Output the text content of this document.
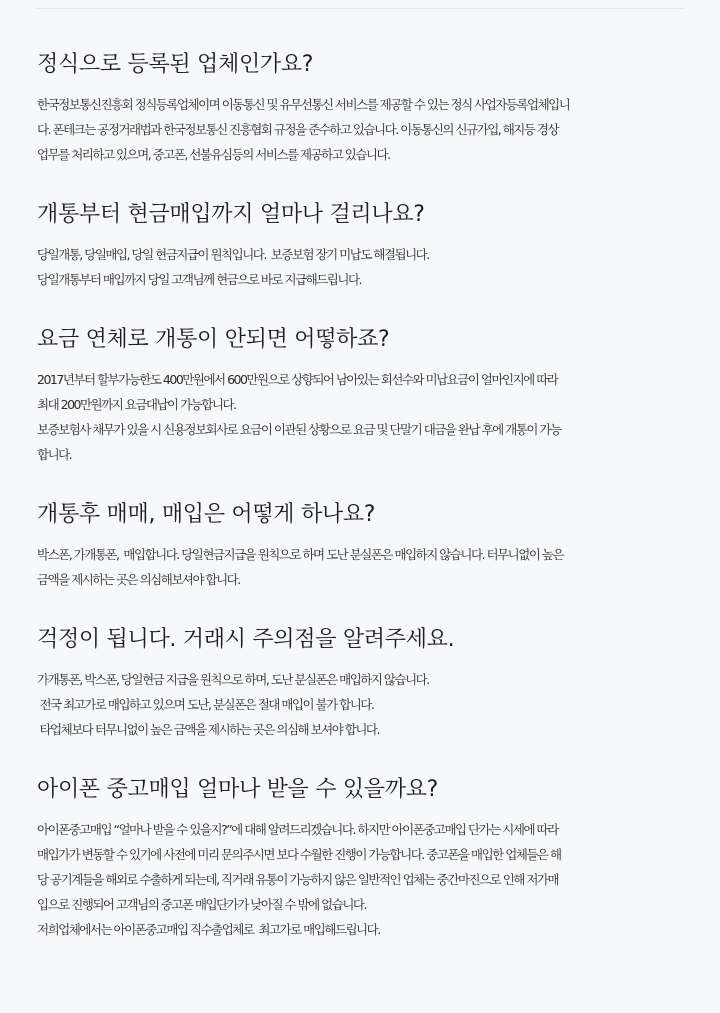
정식으로 등록된 업체인가요?

한국정보통신진흥회 정식등록업체이며 이동통신 및 유무선통신 서비스를 제공할 수 있는 정식 사업자등록업체입니
다. 폰테크는 공정거래법과 한국정보통신 진흥협회 규정을 준수하고 있습니다. 이동통신의 신규가입, 해지등 경상
업무를 처리하고 있으며, 중고폰, 선불유심등의 서비스를 제공하고 있습니다.

개통부터 현금매입까지 얼마나 걸리나요?

당일개통, 당일매입, 당일 현금지급이 원칙입니다.  보증보험 장기 미납도 해결됩니다.
당일개통부터 매입까지 당일 고객님께 현금으로 바로 지급해드립니다.

요금 연체로 개통이 안되면 어떻하죠?

2017년부터 할부가능한도 400만원에서 600만원으로 상향되어 남아있는 회선수와 미납요금이 얼마인지에 따라
최대 200만원까지 요금대납이 가능합니다.
보증보험사 채무가 있을 시 신용정보회사로 요금이 이관된 상황으로 요금 및 단말기 대금을 완납 후에 개통이 가능
합니다.

개통후 매매, 매입은 어떻게 하나요?

박스폰, 가개통폰,  매입합니다. 당일현금지급을 원칙으로 하며 도난 분실폰은 매입하지 않습니다. 터무니없이 높은
금액을 제시하는 곳은 의심해보셔야 합니다.

걱정이 됩니다. 거래시 주의점을 알려주세요.

가개통폰, 박스폰, 당일현금 지급을 원칙으로 하며, 도난 분실폰은 매입하지 않습니다.
전국 최고가로 매입하고 있으며 도난, 분실폰은 절대 매입이 불가 합니다.
타업체보다 터무니없이 높은 금액을 제시하는 곳은 의심해 보셔야 합니다.

아이폰 중고매입 얼마나 받을 수 있을까요?

아이폰중고매입 “얼마나 받을 수 있을지?”에 대해 알려드리겠습니다. 하지만 아이폰중고매입 단가는 시세에 따라
매입가가 변동할 수 있기에 사전에 미리 문의주시면 보다 수월한 진행이 가능합니다. 중고폰을 매입한 업체들은 해
당 공기계들을 해외로 수출하게 되는데, 직거래 유통이 가능하지 않은 일반적인 업체는 중간마진으로 인해 저가매
입으로 진행되어 고객님의 중고폰 매입단가가 낮아질 수 밖에 없습니다.
저희업체에서는 아이폰중고매입 직수출업체로  최고가로 매입해드립니다.
